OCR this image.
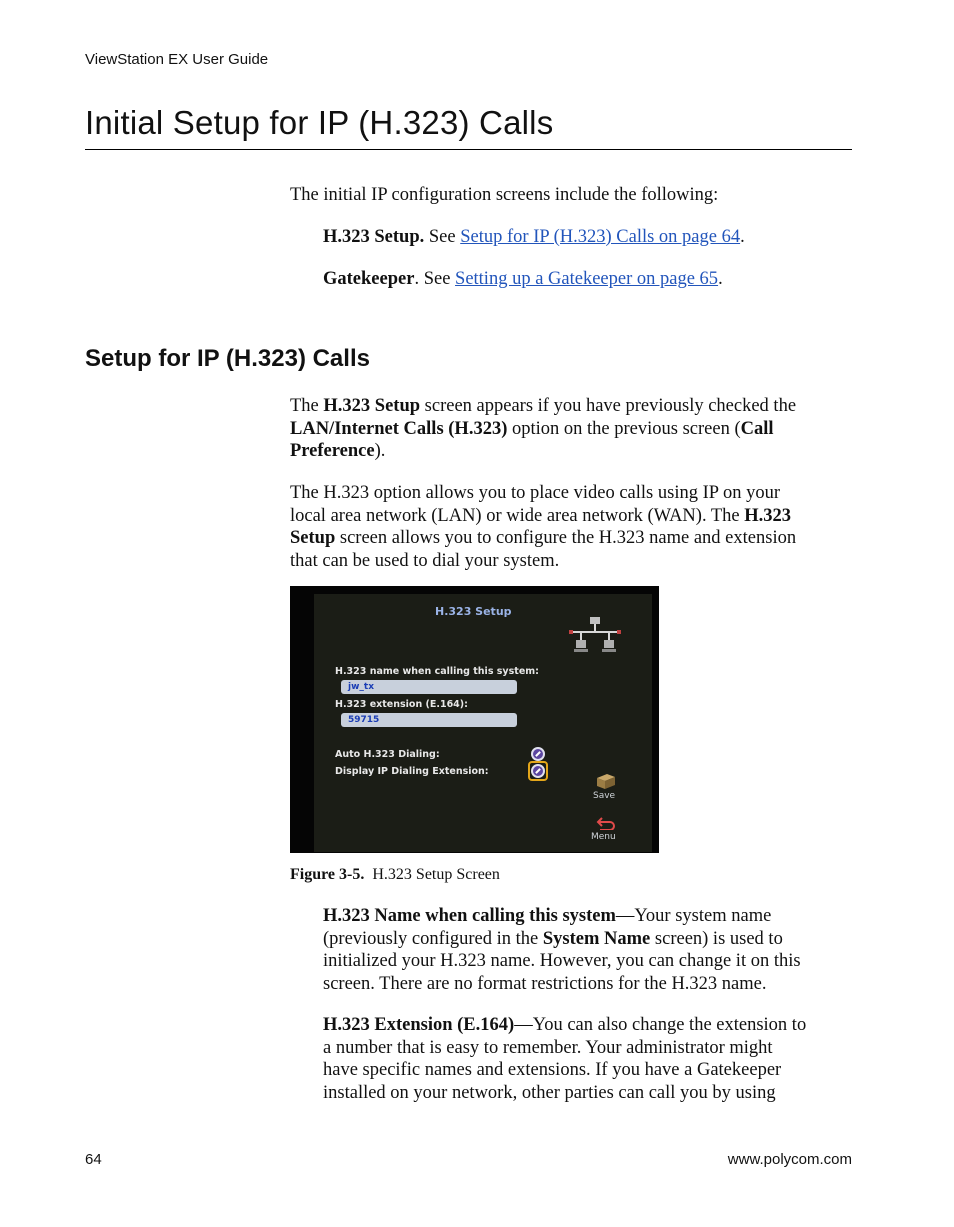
ViewStation EX User Guide
Initial Setup for IP (H.323) Calls

The initial IP configuration screens include the following:

H.323 Setup. See Setup for IP (H.323) Calls on page 64.

Gatekeeper. See Setting up a Gatekeeper on page 65.

Setup for IP (H.323) Calls

The H.323 Setup screen appears if you have previously checked the
LAN/Internet Calls (H.323) option on the previous screen (Call
Preference).

The H.323 option allows you to place video calls using IP on your
local area network (LAN) or wide area network (WAN). The H.323
Setup screen allows you to configure the H.323 name and extension
that can be used to dial your system.

H.323 Setup
H.323 name when calling this system:
jw_tx
H.323 extension (E.164):
59715
Auto H.323 Dialing:
Display IP Dialing Extension:
Save
Menu
Figure 3-5.  H.323 Setup Screen

H.323 Name when calling this system—Your system name
(previously configured in the System Name screen) is used to
initialized your H.323 name. However, you can change it on this
screen. There are no format restrictions for the H.323 name.

H.323 Extension (E.164)—You can also change the extension to
a number that is easy to remember. Your administrator might
have specific names and extensions. If you have a Gatekeeper
installed on your network, other parties can call you by using

64	www.polycom.com
